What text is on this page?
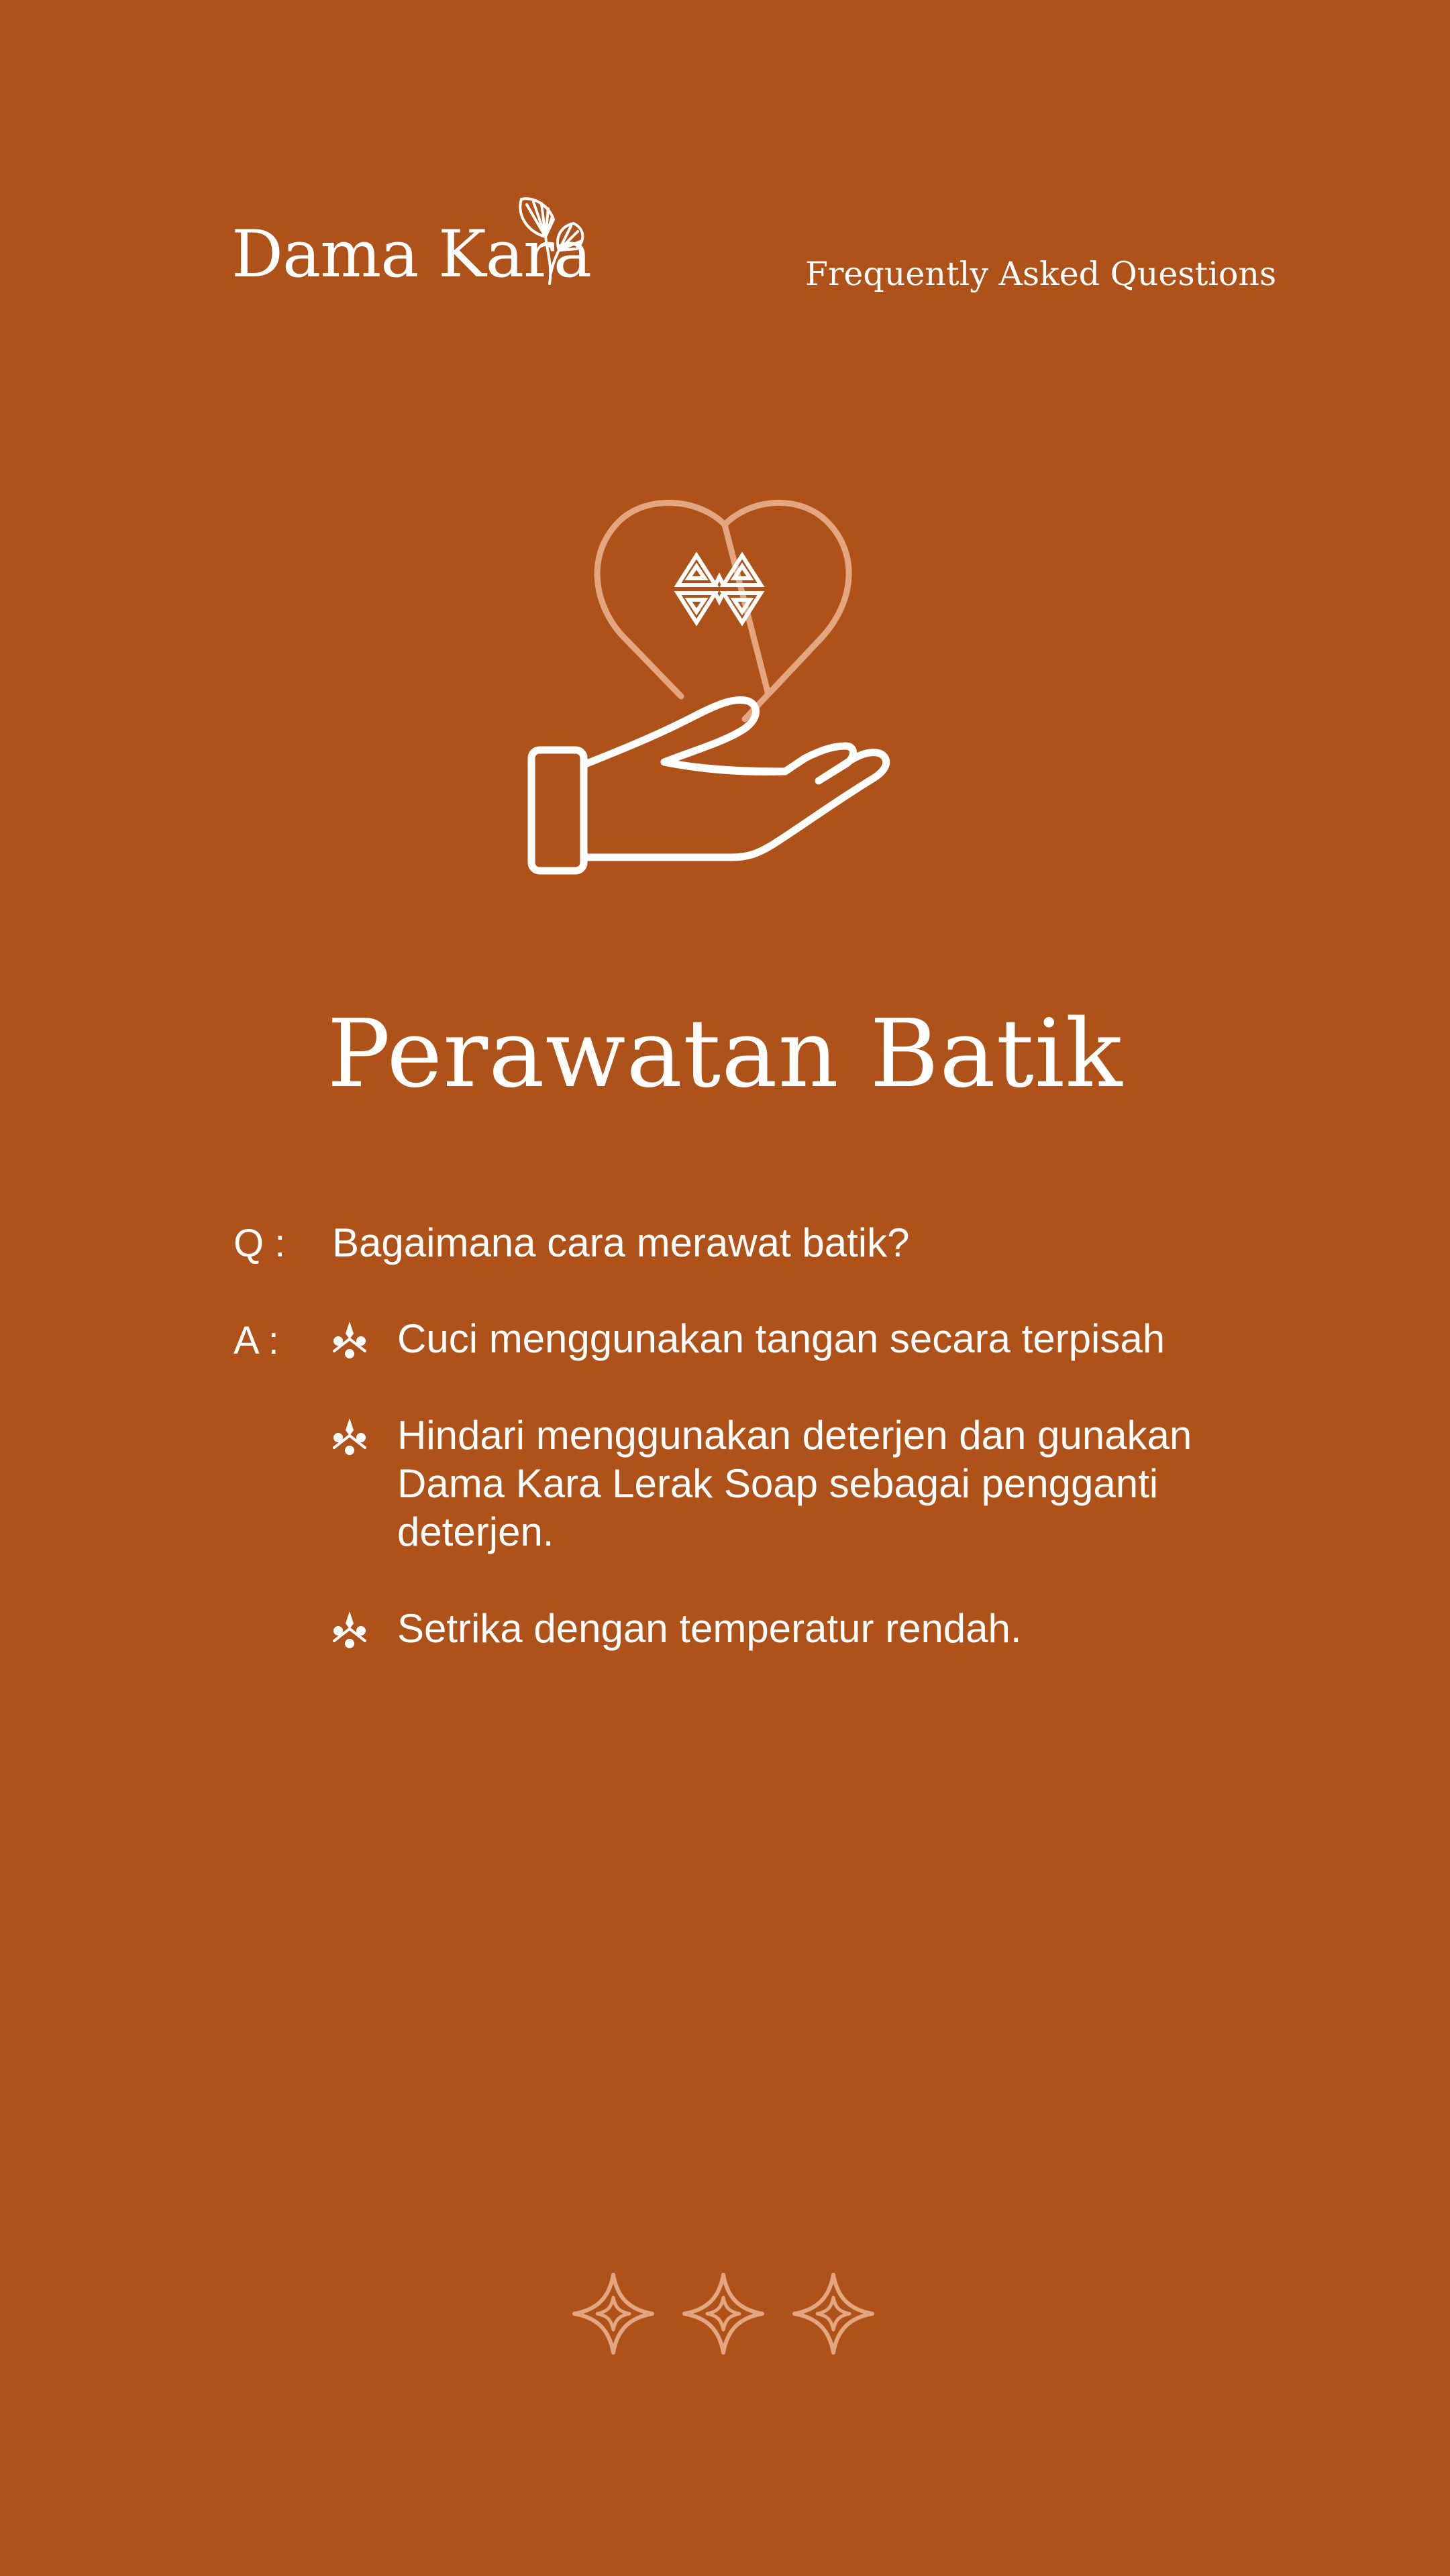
Dama Kara	Frequently Asked Questions
Perawatan Batik
Q : Bagaimana cara merawat batik?
A :	Cuci menggunakan tangan secara terpisah
Hindari menggunakan deterjen dan gunakan Dama Kara Lerak Soap sebagai pengganti deterjen.
Setrika dengan temperatur rendah.
